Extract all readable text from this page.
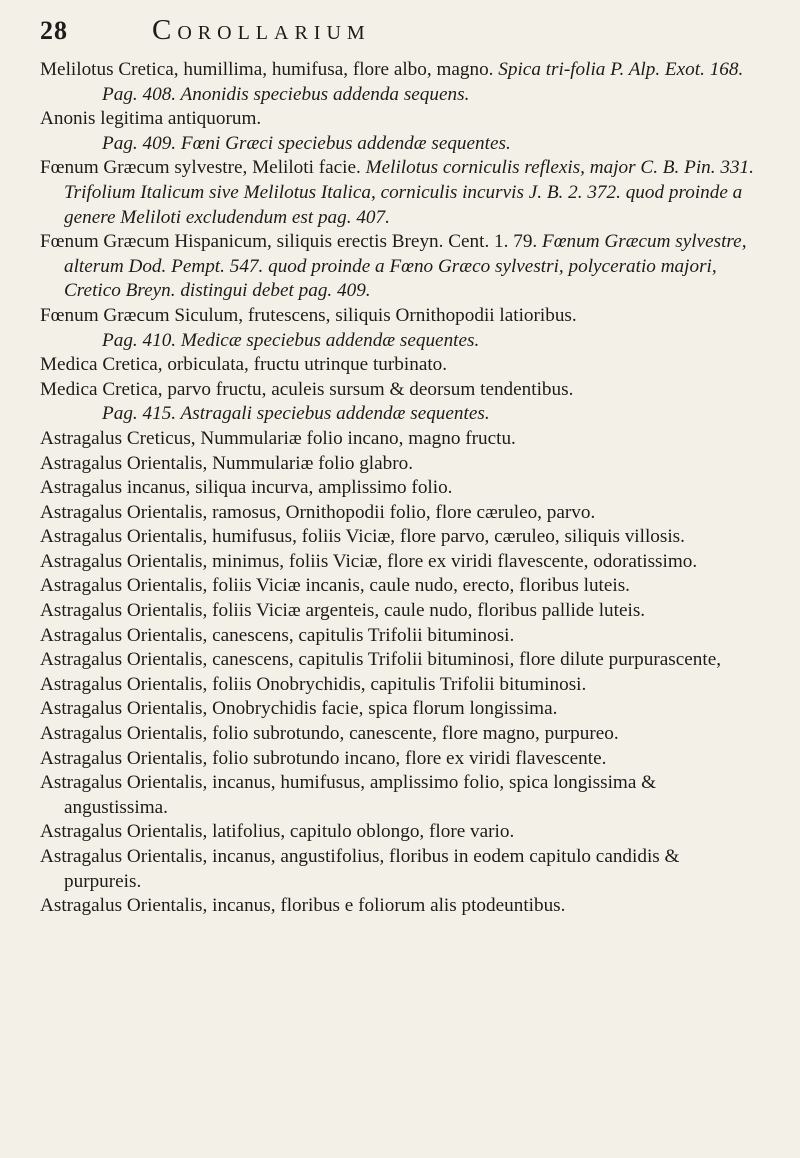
28	Corollarium

Melilotus Cretica, humillima, humifusa, flore albo, magno. Spica tri-folia P. Alp. Exot. 168.

Pag. 408. Anonidis speciebus addenda sequens.

Anonis legitima antiquorum.

Pag. 409. Fœni Græci speciebus addendæ sequentes.

Fœnum Græcum sylvestre, Meliloti facie. Melilotus corniculis reflexis, major C. B. Pin. 331. Trifolium Italicum sive Melilotus Italica, corniculis incurvis J. B. 2. 372. quod proinde a genere Meliloti excludendum est pag. 407.

Fœnum Græcum Hispanicum, siliquis erectis Breyn. Cent. 1. 79. Fœnum Græcum sylvestre, alterum Dod. Pempt. 547. quod proinde a Fœno Græco sylvestri, polyceratio majori, Cretico Breyn. distingui debet pag. 409.

Fœnum Græcum Siculum, frutescens, siliquis Ornithopodii latioribus.

Pag. 410. Medicæ speciebus addendæ sequentes.

Medica Cretica, orbiculata, fructu utrinque turbinato.

Medica Cretica, parvo fructu, aculeis sursum & deorsum tendentibus.

Pag. 415. Astragali speciebus addendæ sequentes.

Astragalus Creticus, Nummulariæ folio incano, magno fructu.

Astragalus Orientalis, Nummulariæ folio glabro.

Astragalus incanus, siliqua incurva, amplissimo folio.

Astragalus Orientalis, ramosus, Ornithopodii folio, flore cæruleo, parvo.

Astragalus Orientalis, humifusus, foliis Viciæ, flore parvo, cæruleo, siliquis villosis.

Astragalus Orientalis, minimus, foliis Viciæ, flore ex viridi flavescente, odoratissimo.

Astragalus Orientalis, foliis Viciæ incanis, caule nudo, erecto, floribus luteis.

Astragalus Orientalis, foliis Viciæ argenteis, caule nudo, floribus pallide luteis.

Astragalus Orientalis, canescens, capitulis Trifolii bituminosi.

Astragalus Orientalis, canescens, capitulis Trifolii bituminosi, flore dilute purpurascente,

Astragalus Orientalis, foliis Onobrychidis, capitulis Trifolii bituminosi.

Astragalus Orientalis, Onobrychidis facie, spica florum longissima.

Astragalus Orientalis, folio subrotundo, canescente, flore magno, purpureo.

Astragalus Orientalis, folio subrotundo incano, flore ex viridi flavescente.

Astragalus Orientalis, incanus, humifusus, amplissimo folio, spica longissima & angustissima.

Astragalus Orientalis, latifolius, capitulo oblongo, flore vario.

Astragalus Orientalis, incanus, angustifolius, floribus in eodem capitulo candidis & purpureis.

Astragalus Orientalis, incanus, floribus e foliorum alis ptodeuntibus.
